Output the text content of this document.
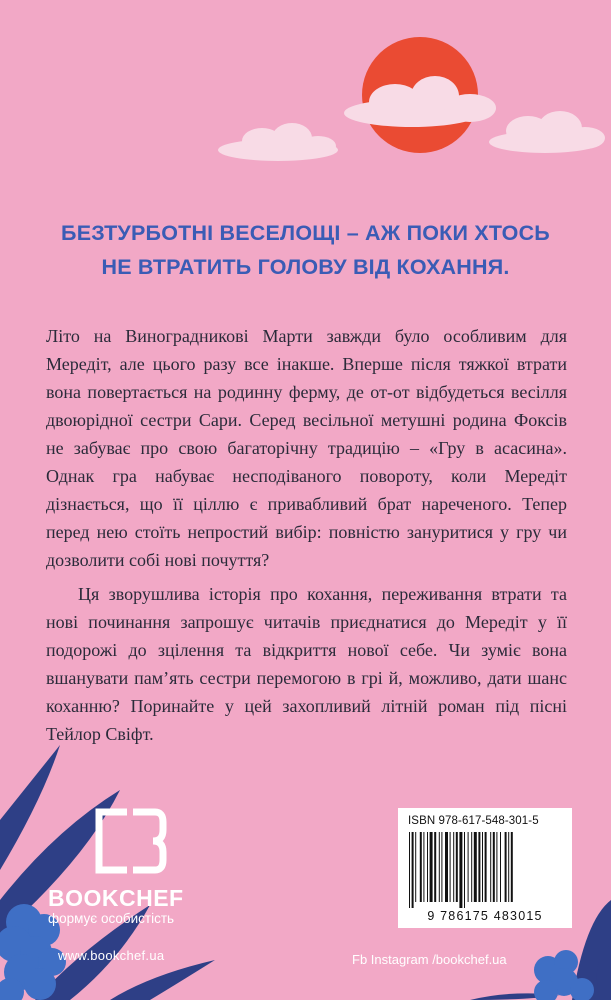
БЕЗТУРБОТНІ ВЕСЕЛОЩІ – АЖ ПОКИ ХТОСЬ
НЕ ВТРАТИТЬ ГОЛОВУ ВІД КОХАННЯ.

Літо на Виноградникові Марти завжди було особливим для Мередіт, але цього разу все інакше. Вперше після тяжкої втрати вона повертається на родинну ферму, де от-от відбудеться весілля двоюрідної сестри Сари. Серед весільної метушні родина Фоксів не забуває про свою багаторічну традицію – «Гру в асасина». Однак гра набуває несподіваного повороту, коли Мередіт дізнається, що її ціллю є привабливий брат нареченого. Тепер перед нею стоїть непростий вибір: повністю зануритися у гру чи дозволити собі нові почуття?

Ця зворушлива історія про кохання, переживання втрати та нові починання запрошує читачів приєднатися до Мередіт у її подорожі до зцілення та відкриття нової себе. Чи зуміє вона вшанувати пам’ять сестри перемогою в грі й, можливо, дати шанс коханню? Поринайте у цей захопливий літній роман під пісні Тейлор Свіфт.

BOOKCHEF
формує особистість
www.bookchef.ua	Fb Instagram /bookchef.ua
ISBN 978-617-548-301-5
9 786175 483015
